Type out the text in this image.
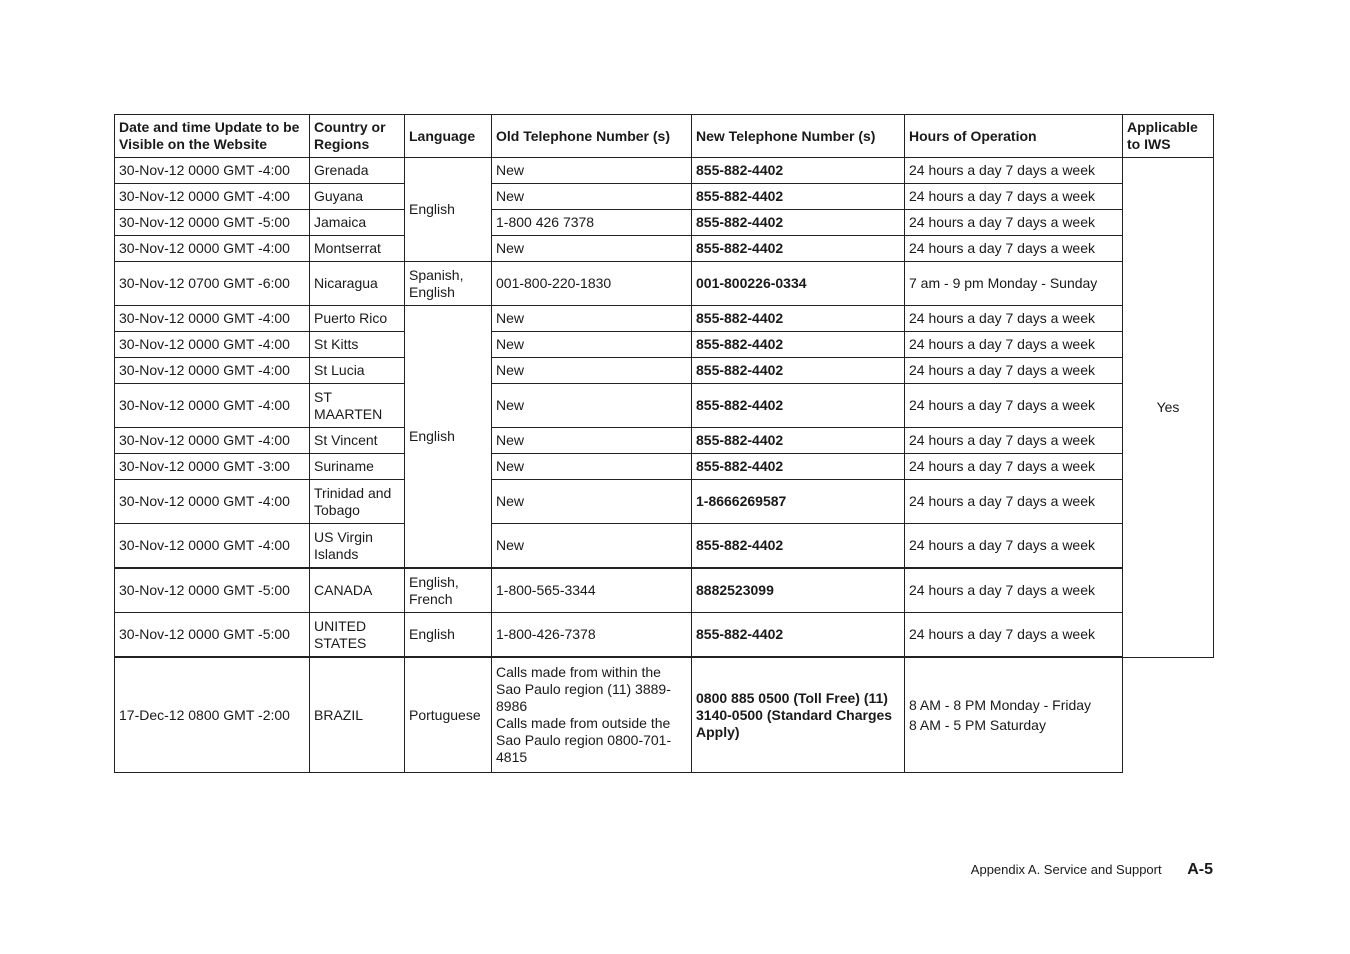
Date and time Update to be Visible on the Website	Country or Regions	Language	Old Telephone Number (s)	New Telephone Number (s)	Hours of Operation	Applicable to IWS
30-Nov-12 0000 GMT -4:00	Grenada	English	New	855-882-4402	24 hours a day 7 days a week	Yes
30-Nov-12 0000 GMT -4:00	Guyana		New	855-882-4402	24 hours a day 7 days a week	
30-Nov-12 0000 GMT -5:00	Jamaica		1-800 426 7378	855-882-4402	24 hours a day 7 days a week	
30-Nov-12 0000 GMT -4:00	Montserrat		New	855-882-4402	24 hours a day 7 days a week	
30-Nov-12 0700 GMT -6:00	Nicaragua	Spanish, English	001-800-220-1830	001-800226-0334	7 am - 9 pm Monday - Sunday	
30-Nov-12 0000 GMT -4:00	Puerto Rico	English	New	855-882-4402	24 hours a day 7 days a week	
30-Nov-12 0000 GMT -4:00	St Kitts		New	855-882-4402	24 hours a day 7 days a week	
30-Nov-12 0000 GMT -4:00	St Lucia		New	855-882-4402	24 hours a day 7 days a week	
30-Nov-12 0000 GMT -4:00	ST MAARTEN		New	855-882-4402	24 hours a day 7 days a week	
30-Nov-12 0000 GMT -4:00	St Vincent		New	855-882-4402	24 hours a day 7 days a week	
30-Nov-12 0000 GMT -3:00	Suriname		New	855-882-4402	24 hours a day 7 days a week	
30-Nov-12 0000 GMT -4:00	Trinidad and Tobago		New	1-8666269587	24 hours a day 7 days a week	
30-Nov-12 0000 GMT -4:00	US Virgin Islands		New	855-882-4402	24 hours a day 7 days a week	
30-Nov-12 0000 GMT -5:00	CANADA	English, French	1-800-565-3344	8882523099	24 hours a day 7 days a week	
30-Nov-12 0000 GMT -5:00	UNITED STATES	English	1-800-426-7378	855-882-4402	24 hours a day 7 days a week	
17-Dec-12 0800 GMT -2:00	BRAZIL	Portuguese	Calls made from within the Sao Paulo region (11) 3889-8986
Calls made from outside the Sao Paulo region 0800-701-4815	0800 885 0500 (Toll Free) (11) 3140-0500 (Standard Charges Apply)	8 AM - 8 PM Monday - Friday
8 AM - 5 PM Saturday	
Appendix A. Service and Support A-5
